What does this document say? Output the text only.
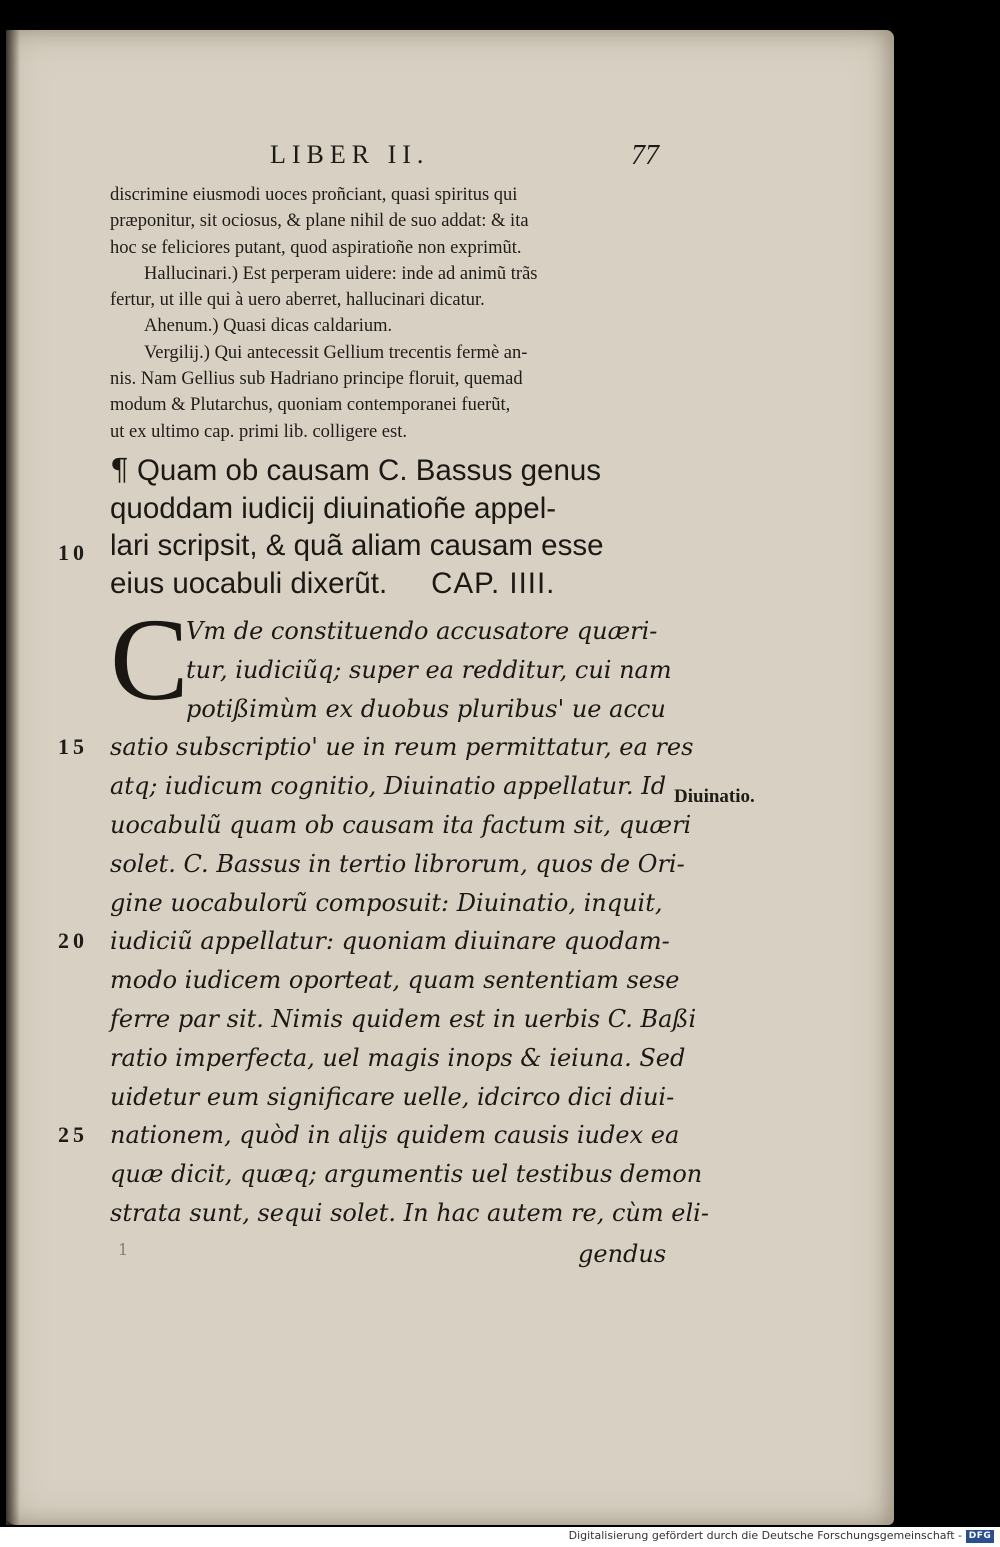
LIBER II.	77
discrimine eiusmodi uoces proñciant, quasi spiritus qui
præponitur, sit ociosus, & plane nihil de suo addat: & ita
hoc se feliciores putant, quod aspiratioñe non exprimũt.
Hallucinari.) Est perperam uidere: inde ad animũ trãs
fertur, ut ille qui à uero aberret, hallucinari dicatur.
Ahenum.) Quasi dicas caldarium.
Vergilij.) Qui antecessit Gellium trecentis fermè an-
nis. Nam Gellius sub Hadriano principe floruit, quemad
modum & Plutarchus, quoniam contemporanei fuerũt,
ut ex ultimo cap. primi lib. colligere est.
¶ Quam ob causam C. Bassus genus
quoddam iudicij diuinatioñe appel-
lari scripsit, & quã aliam causam esse
eius uocabuli dixerũt. CAP. IIII.
C
Vm de constituendo accusatore quæri-
tur, iudiciũq; super ea redditur, cui nam
potißimùm ex duobus pluribus' ue accu
satio subscriptio' ue in reum permittatur, ea res
atq; iudicum cognitio, Diuinatio appellatur. Id
uocabulũ quam ob causam ita factum sit, quæri
solet. C. Bassus in tertio librorum, quos de Ori-
gine uocabulorũ composuit: Diuinatio, inquit,
iudiciũ appellatur: quoniam diuinare quodam-
modo iudicem oporteat, quam sententiam sese
ferre par sit. Nimis quidem est in uerbis C. Baßi
ratio imperfecta, uel magis inops & ieiuna. Sed
uidetur eum significare uelle, idcirco dici diui-
nationem, quòd in alijs quidem causis iudex ea
quæ dicit, quæq; argumentis uel testibus demon
strata sunt, sequi solet. In hac autem re, cùm eli-
10
15
20
25
Diuinatio.
1	gendus
Digitalisierung gefördert durch die Deutsche Forschungsgemeinschaft - DFG
